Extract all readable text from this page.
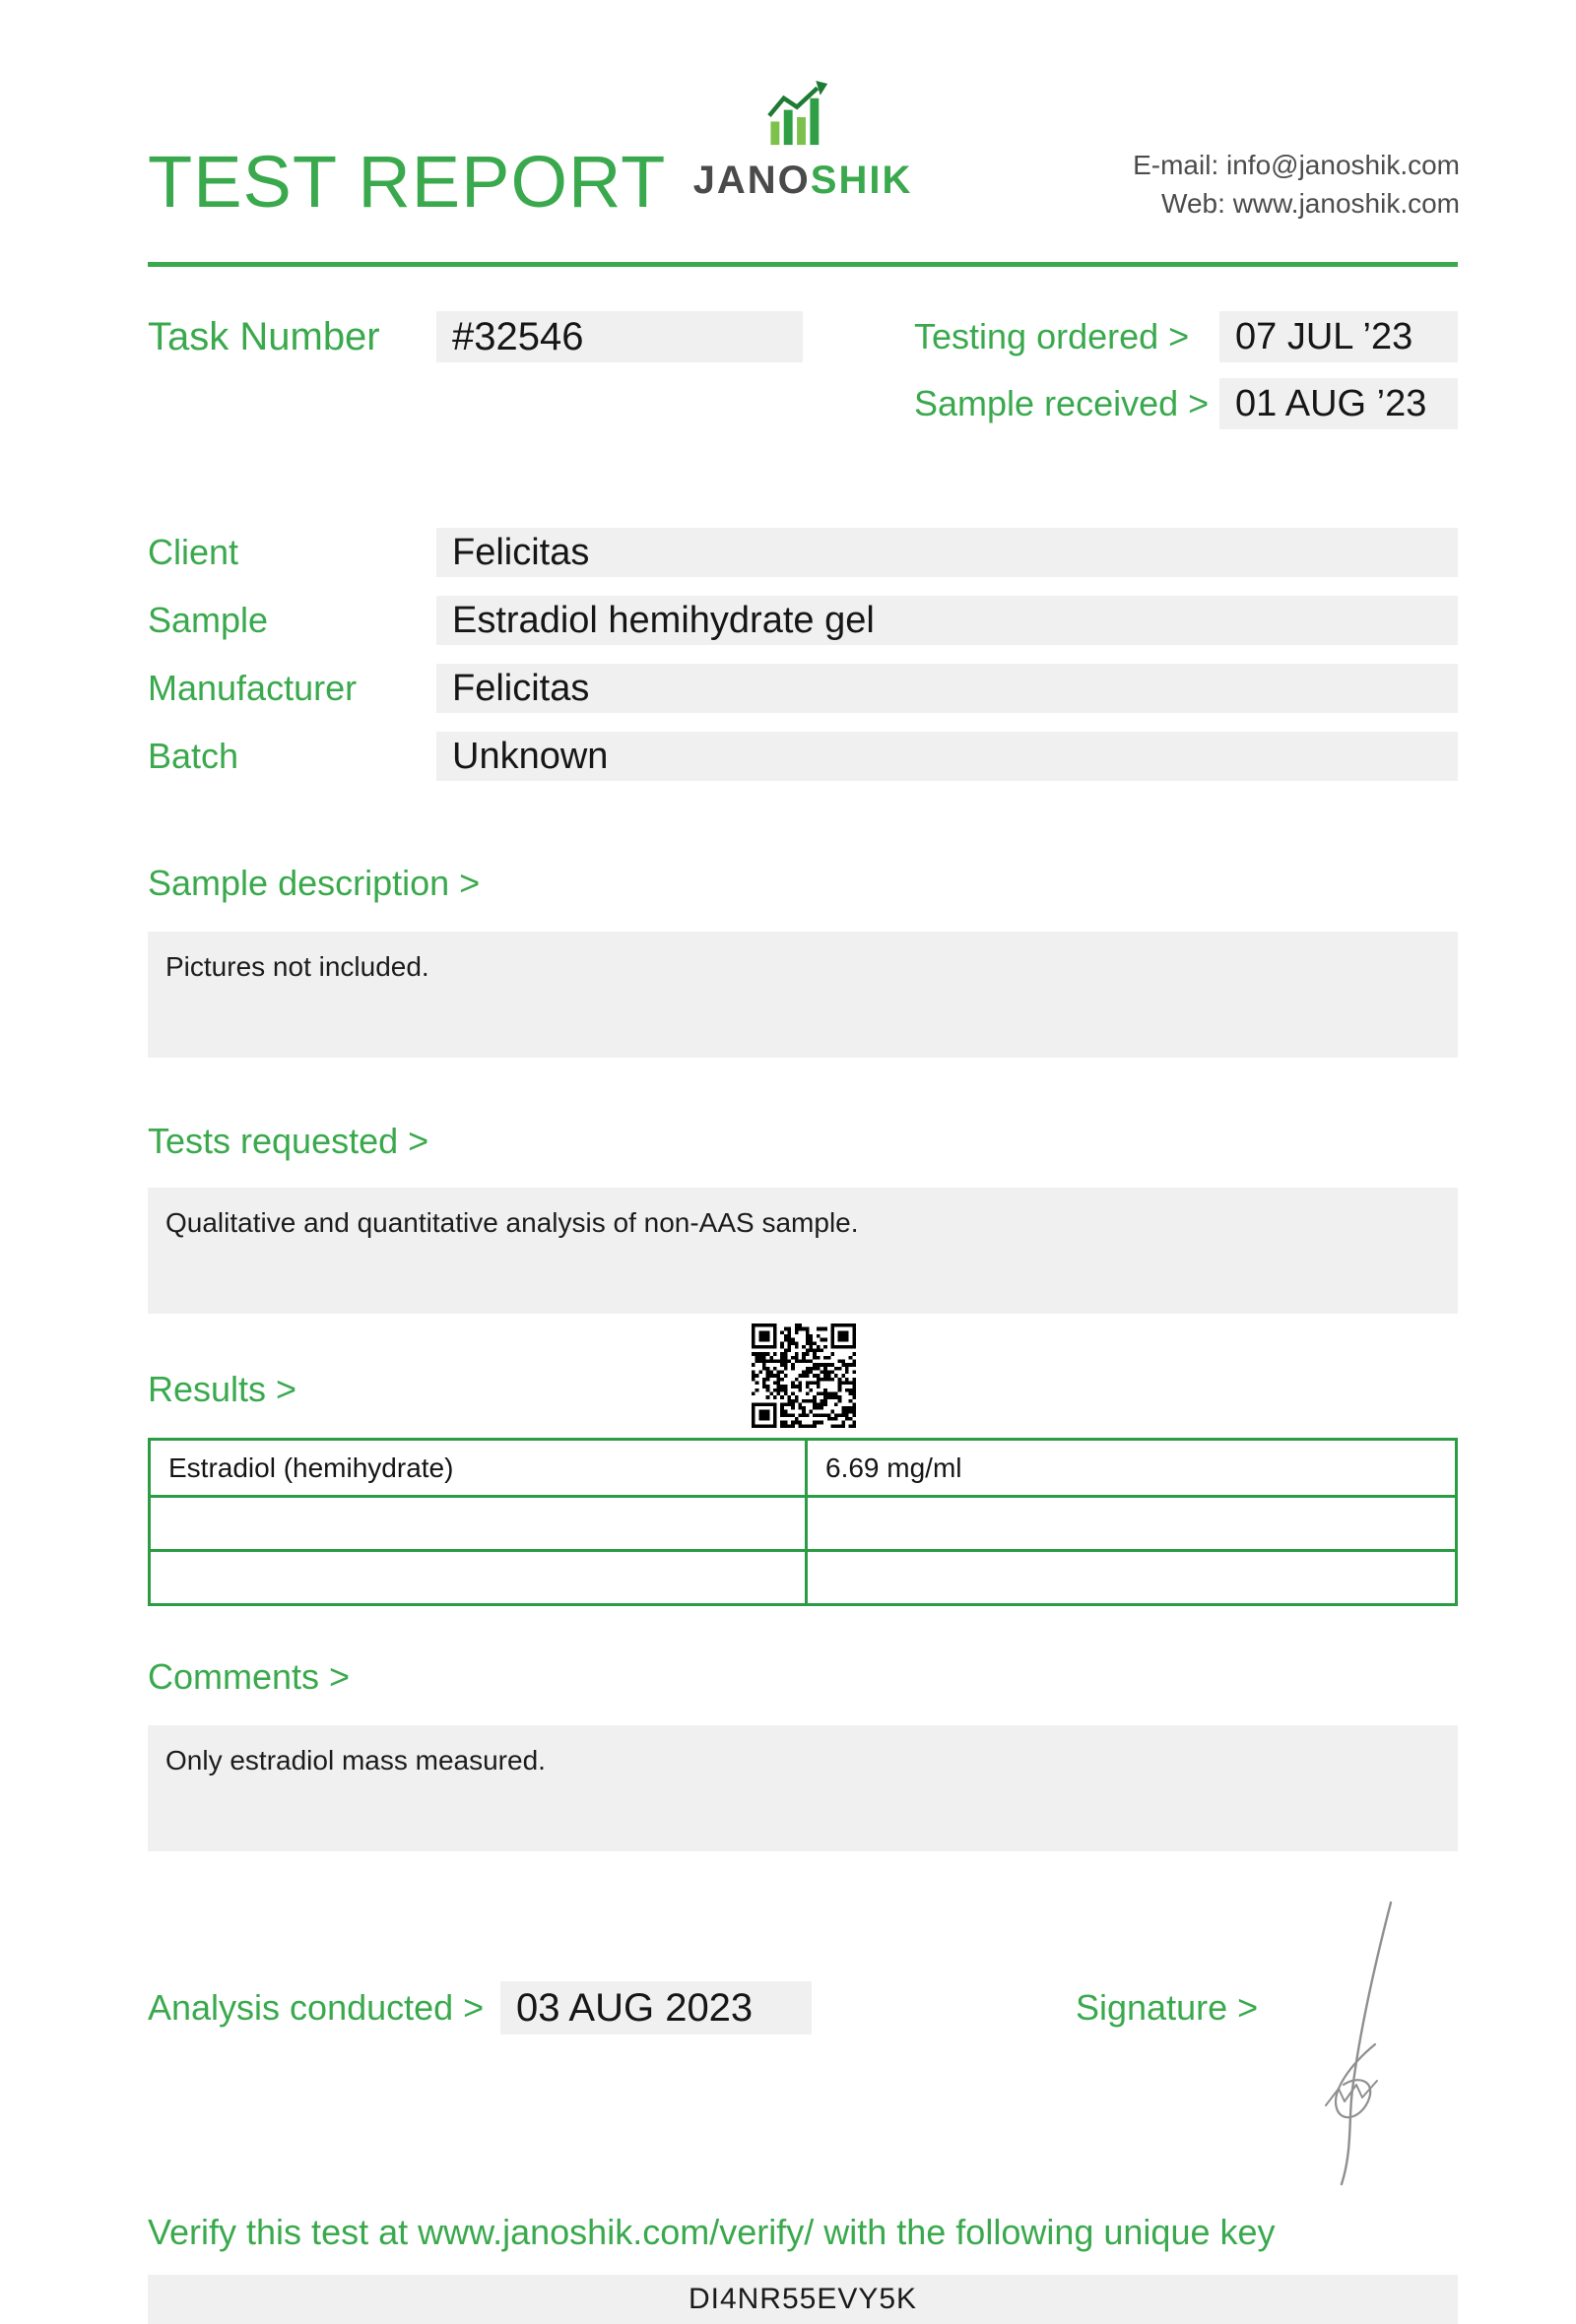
TEST REPORT JANOSHIK	E-mail: info@janoshik.com
Web: www.janoshik.com
Task Number	#32546	Testing ordered >	07 JUL ’23
Sample received > 01 AUG ’23
Client	Felicitas
Sample	Estradiol hemihydrate gel
Manufacturer	Felicitas
Batch	Unknown
Sample description >
Pictures not included.
Tests requested >
Qualitative and quantitative analysis of non-AAS sample.
Results >
Estradiol (hemihydrate)	6.69 mg/ml
Comments >
Only estradiol mass measured.
Analysis conducted > 03 AUG 2023	Signature >
Verify this test at www.janoshik.com/verify/ with the following unique key
DI4NR55EVY5K
